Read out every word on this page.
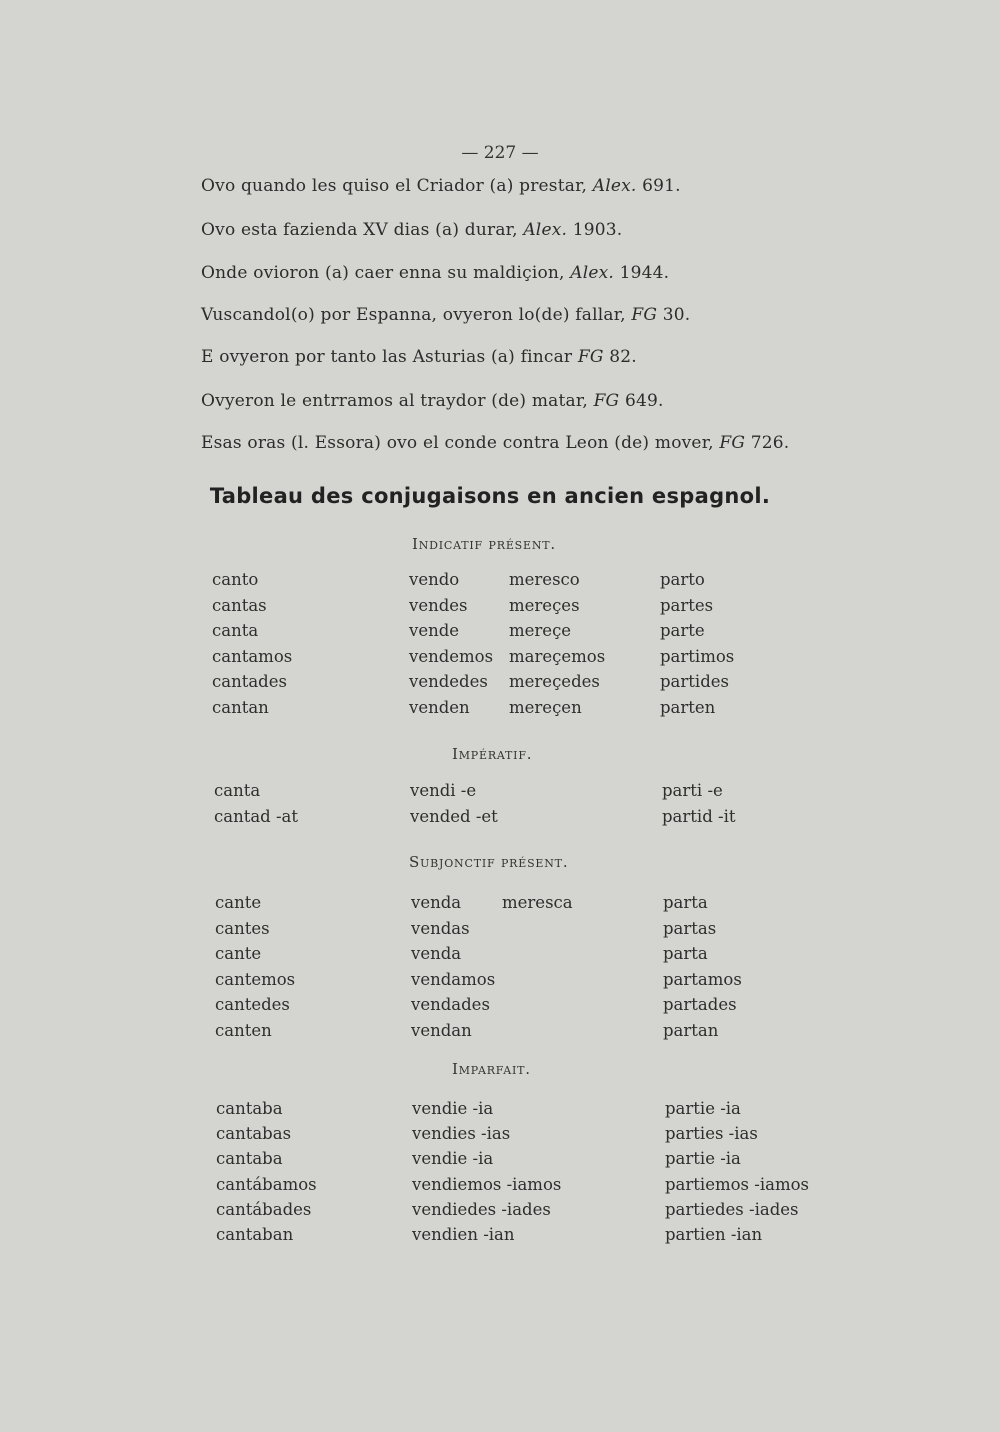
— 227 —
Ovo quando les quiso el Criador (a) prestar, Alex. 691.
Ovo esta fazienda XV dias (a) durar, Alex. 1903.
Onde ovioron (a) caer enna su maldiçion, Alex. 1944.
Vuscandol(o) por Espanna, ovyeron lo(de) fallar, FG 30.
E ovyeron por tanto las Asturias (a) fincar FG 82.
Ovyeron le entrramos al traydor (de) matar, FG 649.
Esas oras (l. Essora) ovo el conde contra Leon (de) mover, FG 726.
Tableau des conjugaisons en ancien espagnol.
Indicatif présent.
canto
cantas
canta
cantamos
cantades
cantan
vendo
vendes
vende
vendemos
vendedes
venden
meresco
mereçes
mereçe
mareçemos
mereçedes
mereçen
parto
partes
parte
partimos
partides
parten
Impératif.
canta
cantad -at
vendi -e
vended -et
parti -e
partid -it
Subjonctif présent.
cante
cantes
cante
cantemos
cantedes
canten
venda
vendas
venda
vendamos
vendades
vendan
meresca	parta
partas
parta
partamos
partades
partan
Imparfait.
cantaba
cantabas
cantaba
cantábamos
cantábades
cantaban
vendie -ia
vendies -ias
vendie -ia
vendiemos -iamos
vendiedes -iades
vendien -ian
partie -ia
parties -ias
partie -ia
partiemos -iamos
partiedes -iades
partien -ian
